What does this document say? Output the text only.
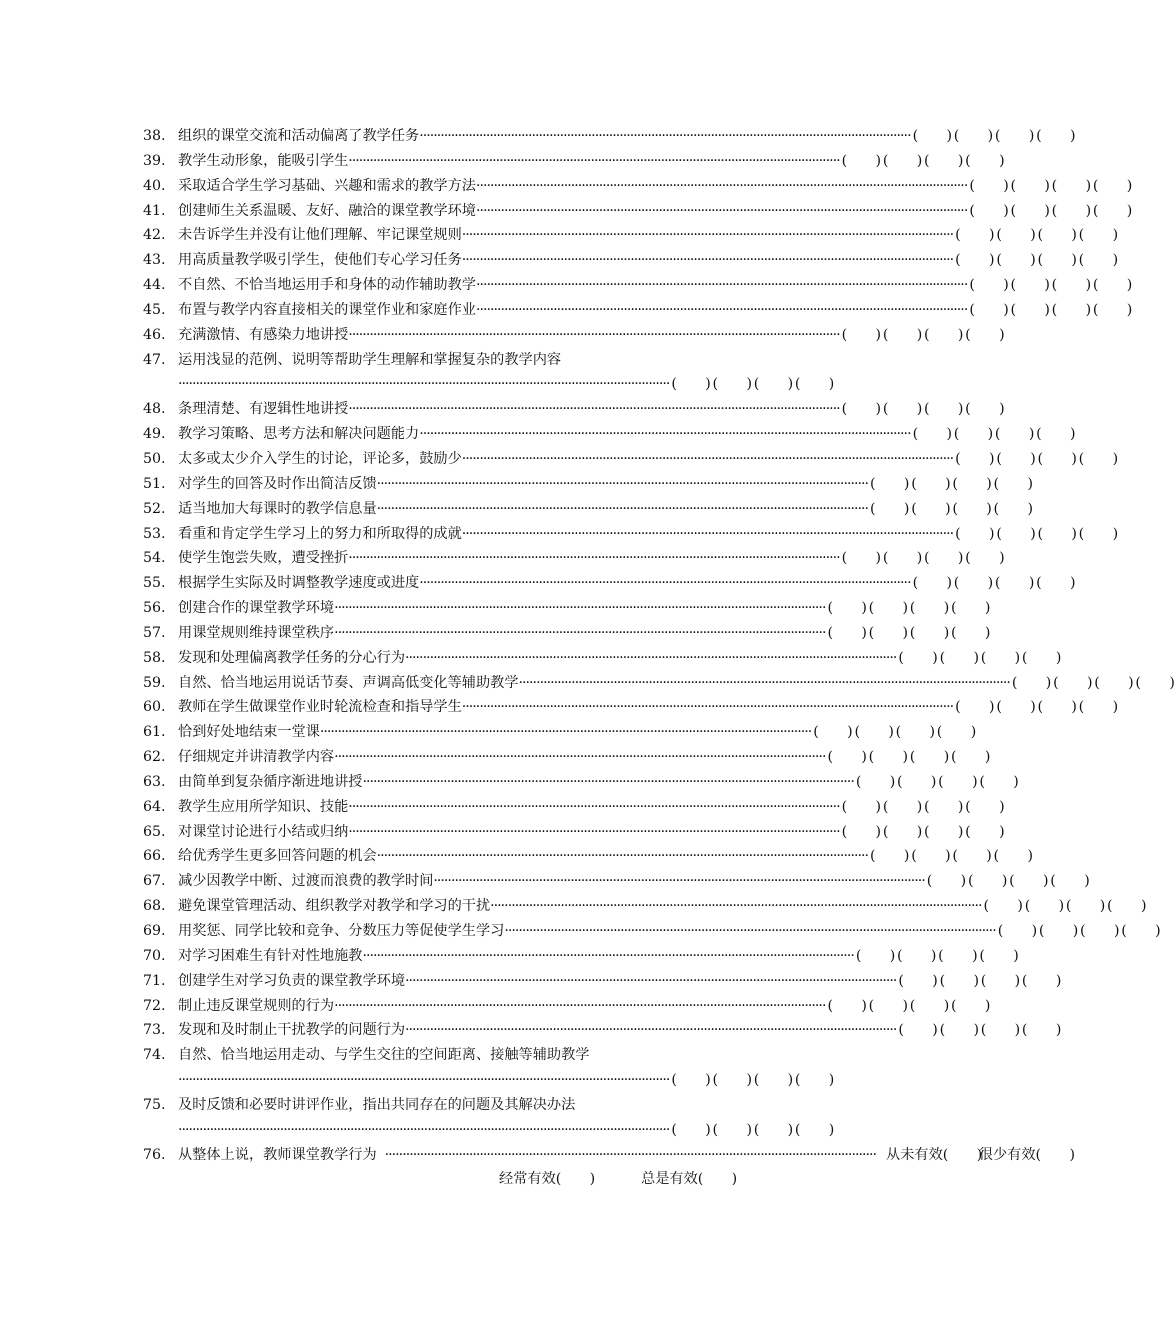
38. 组织的课堂交流和活动偏离了教学任务 ············································································································································ (  ) (  ) (  ) (  )
39. 教学生动形象，能吸引学生 ············································································································································ (  ) (  ) (  ) (  )
40. 采取适合学生学习基础、兴趣和需求的教学方法 ············································································································································ (  ) (  ) (  ) (  )
41. 创建师生关系温暖、友好、融洽的课堂教学环境 ············································································································································ (  ) (  ) (  ) (  )
42. 未告诉学生并没有让他们理解、牢记课堂规则 ············································································································································ (  ) (  ) (  ) (  )
43. 用高质量教学吸引学生，使他们专心学习任务 ············································································································································ (  ) (  ) (  ) (  )
44. 不自然、不恰当地运用手和身体的动作辅助教学 ············································································································································ (  ) (  ) (  ) (  )
45. 布置与教学内容直接相关的课堂作业和家庭作业 ············································································································································ (  ) (  ) (  ) (  )
46. 充满激情、有感染力地讲授 ············································································································································ (  ) (  ) (  ) (  )
47. 运用浅显的范例、说明等帮助学生理解和掌握复杂的教学内容
············································································································································ (  ) (  ) (  ) (  )
48. 条理清楚、有逻辑性地讲授 ············································································································································ (  ) (  ) (  ) (  )
49. 教学习策略、思考方法和解决问题能力 ············································································································································ (  ) (  ) (  ) (  )
50. 太多或太少介入学生的讨论，评论多，鼓励少 ············································································································································ (  ) (  ) (  ) (  )
51. 对学生的回答及时作出简洁反馈 ············································································································································ (  ) (  ) (  ) (  )
52. 适当地加大每课时的教学信息量 ············································································································································ (  ) (  ) (  ) (  )
53. 看重和肯定学生学习上的努力和所取得的成就 ············································································································································ (  ) (  ) (  ) (  )
54. 使学生饱尝失败，遭受挫折 ············································································································································ (  ) (  ) (  ) (  )
55. 根据学生实际及时调整教学速度或进度 ············································································································································ (  ) (  ) (  ) (  )
56. 创建合作的课堂教学环境 ············································································································································ (  ) (  ) (  ) (  )
57. 用课堂规则维持课堂秩序 ············································································································································ (  ) (  ) (  ) (  )
58. 发现和处理偏离教学任务的分心行为 ············································································································································ (  ) (  ) (  ) (  )
59. 自然、恰当地运用说话节奏、声调高低变化等辅助教学 ············································································································································ (  ) (  ) (  ) (  )
60. 教师在学生做课堂作业时轮流检查和指导学生 ············································································································································ (  ) (  ) (  ) (  )
61. 恰到好处地结束一堂课 ············································································································································ (  ) (  ) (  ) (  )
62. 仔细规定并讲清教学内容 ············································································································································ (  ) (  ) (  ) (  )
63. 由简单到复杂循序渐进地讲授 ············································································································································ (  ) (  ) (  ) (  )
64. 教学生应用所学知识、技能 ············································································································································ (  ) (  ) (  ) (  )
65. 对课堂讨论进行小结或归纳 ············································································································································ (  ) (  ) (  ) (  )
66. 给优秀学生更多回答问题的机会 ············································································································································ (  ) (  ) (  ) (  )
67. 减少因教学中断、过渡而浪费的教学时间 ············································································································································ (  ) (  ) (  ) (  )
68. 避免课堂管理活动、组织教学对教学和学习的干扰 ············································································································································ (  ) (  ) (  ) (  )
69. 用奖惩、同学比较和竞争、分数压力等促使学生学习 ············································································································································ (  ) (  ) (  ) (  )
70. 对学习困难生有针对性地施教 ············································································································································ (  ) (  ) (  ) (  )
71. 创建学生对学习负责的课堂教学环境 ············································································································································ (  ) (  ) (  ) (  )
72. 制止违反课堂规则的行为 ············································································································································ (  ) (  ) (  ) (  )
73. 发现和及时制止干扰教学的问题行为 ············································································································································ (  ) (  ) (  ) (  )
74. 自然、恰当地运用走动、与学生交往的空间距离、接触等辅助教学
············································································································································ (  ) (  ) (  ) (  )
75. 及时反馈和必要时讲评作业，指出共同存在的问题及其解决办法
············································································································································ (  ) (  ) (  ) (  )
76. 从整体上说，教师课堂教学行为 ············································································································································ 从未有效(  )
很少有效(  )
经常有效(  )	总是有效(  )
